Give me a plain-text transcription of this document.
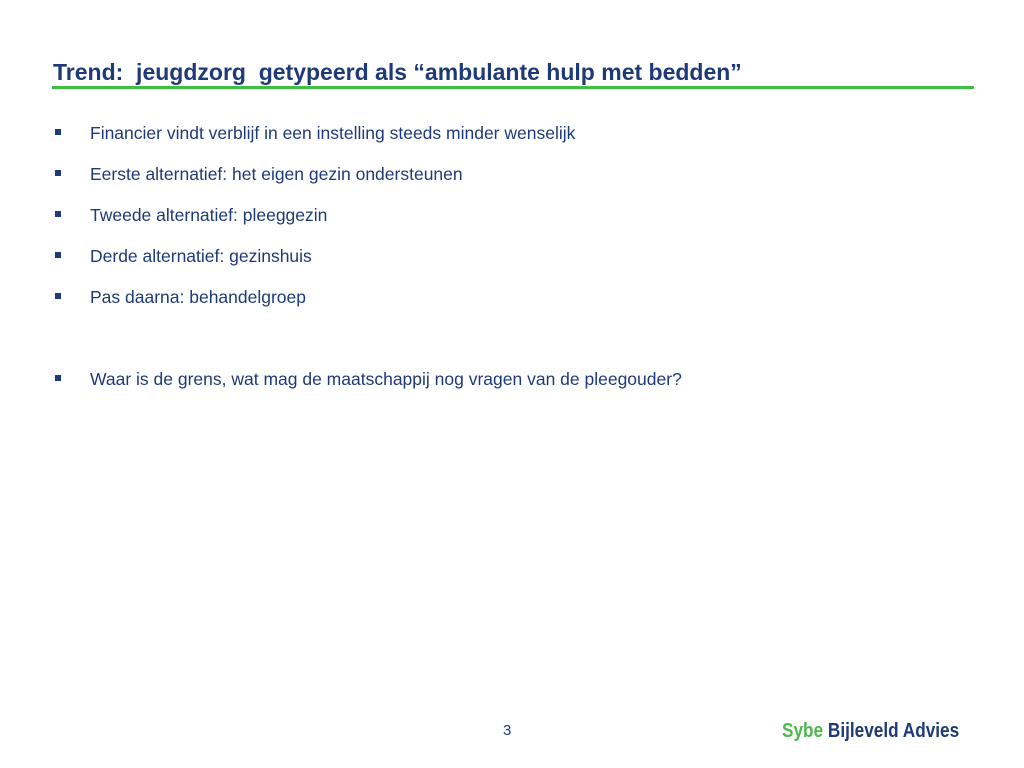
Trend:  jeugdzorg  getypeerd als “ambulante hulp met bedden”
Financier vindt verblijf in een instelling steeds minder wenselijk
Eerste alternatief: het eigen gezin ondersteunen
Tweede alternatief: pleeggezin
Derde alternatief: gezinshuis
Pas daarna: behandelgroep
Waar is de grens, wat mag de maatschappij nog vragen van de pleegouder?
3	Sybe Bijleveld Advies
